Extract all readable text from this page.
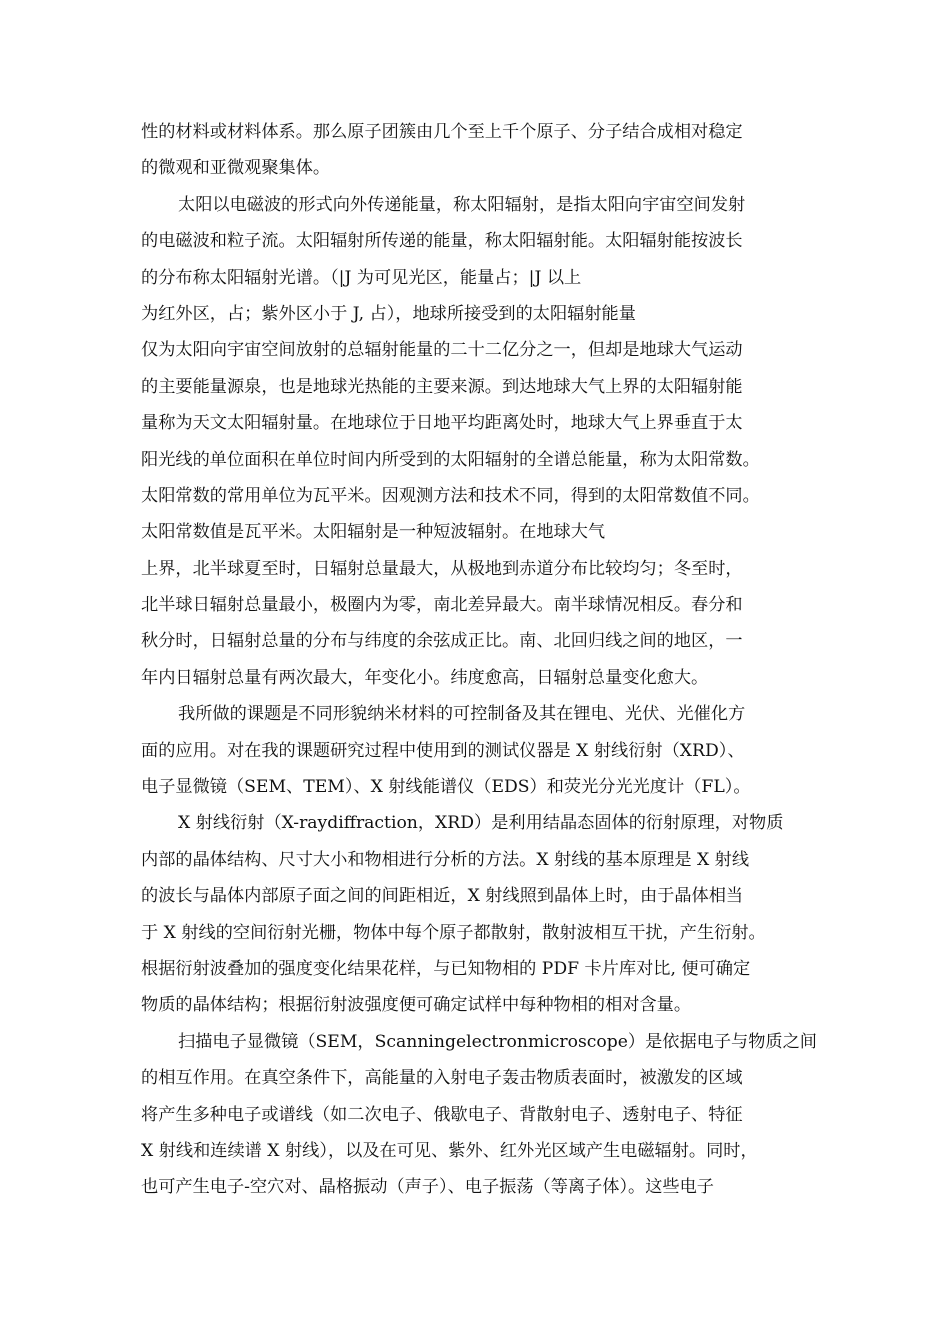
性的材料或材料体系。那么原子团簇由几个至上千个原子、分子结合成相对稳定
的微观和亚微观聚集体。
太阳以电磁波的形式向外传递能量，称太阳辐射，是指太阳向宇宙空间发射
的电磁波和粒子流。太阳辐射所传递的能量，称太阳辐射能。太阳辐射能按波长
的分布称太阳辐射光谱。（|J 为可见光区，能量占；|J 以上
为红外区，占；紫外区小于 J, 占），地球所接受到的太阳辐射能量
仅为太阳向宇宙空间放射的总辐射能量的二十二亿分之一，但却是地球大气运动
的主要能量源泉，也是地球光热能的主要来源。到达地球大气上界的太阳辐射能
量称为天文太阳辐射量。在地球位于日地平均距离处时，地球大气上界垂直于太
阳光线的单位面积在单位时间内所受到的太阳辐射的全谱总能量，称为太阳常数。
太阳常数的常用单位为瓦平米。因观测方法和技术不同，得到的太阳常数值不同。
太阳常数值是瓦平米。太阳辐射是一种短波辐射。在地球大气
上界，北半球夏至时，日辐射总量最大，从极地到赤道分布比较均匀；冬至时，
北半球日辐射总量最小，极圈内为零，南北差异最大。南半球情况相反。春分和
秋分时，日辐射总量的分布与纬度的余弦成正比。南、北回归线之间的地区，一
年内日辐射总量有两次最大，年变化小。纬度愈高，日辐射总量变化愈大。
我所做的课题是不同形貌纳米材料的可控制备及其在锂电、光伏、光催化方
面的应用。对在我的课题研究过程中使用到的测试仪器是 X 射线衍射（XRD）、
电子显微镜（SEM、TEM）、X 射线能谱仪（EDS）和荧光分光光度计（FL）。
X 射线衍射（X-raydiffraction，XRD）是利用结晶态固体的衍射原理，对物质
内部的晶体结构、尺寸大小和物相进行分析的方法。X 射线的基本原理是 X 射线
的波长与晶体内部原子面之间的间距相近，X 射线照到晶体上时，由于晶体相当
于 X 射线的空间衍射光栅，物体中每个原子都散射，散射波相互干扰，产生衍射。
根据衍射波叠加的强度变化结果花样，与已知物相的 PDF 卡片库对比, 便可确定
物质的晶体结构；根据衍射波强度便可确定试样中每种物相的相对含量。
扫描电子显微镜（SEM，Scanningelectronmicroscope）是依据电子与物质之间
的相互作用。在真空条件下，高能量的入射电子轰击物质表面时，被激发的区域
将产生多种电子或谱线（如二次电子、俄歇电子、背散射电子、透射电子、特征
X 射线和连续谱 X 射线），以及在可见、紫外、红外光区域产生电磁辐射。同时，
也可产生电子-空穴对、晶格振动（声子）、电子振荡（等离子体）。这些电子
